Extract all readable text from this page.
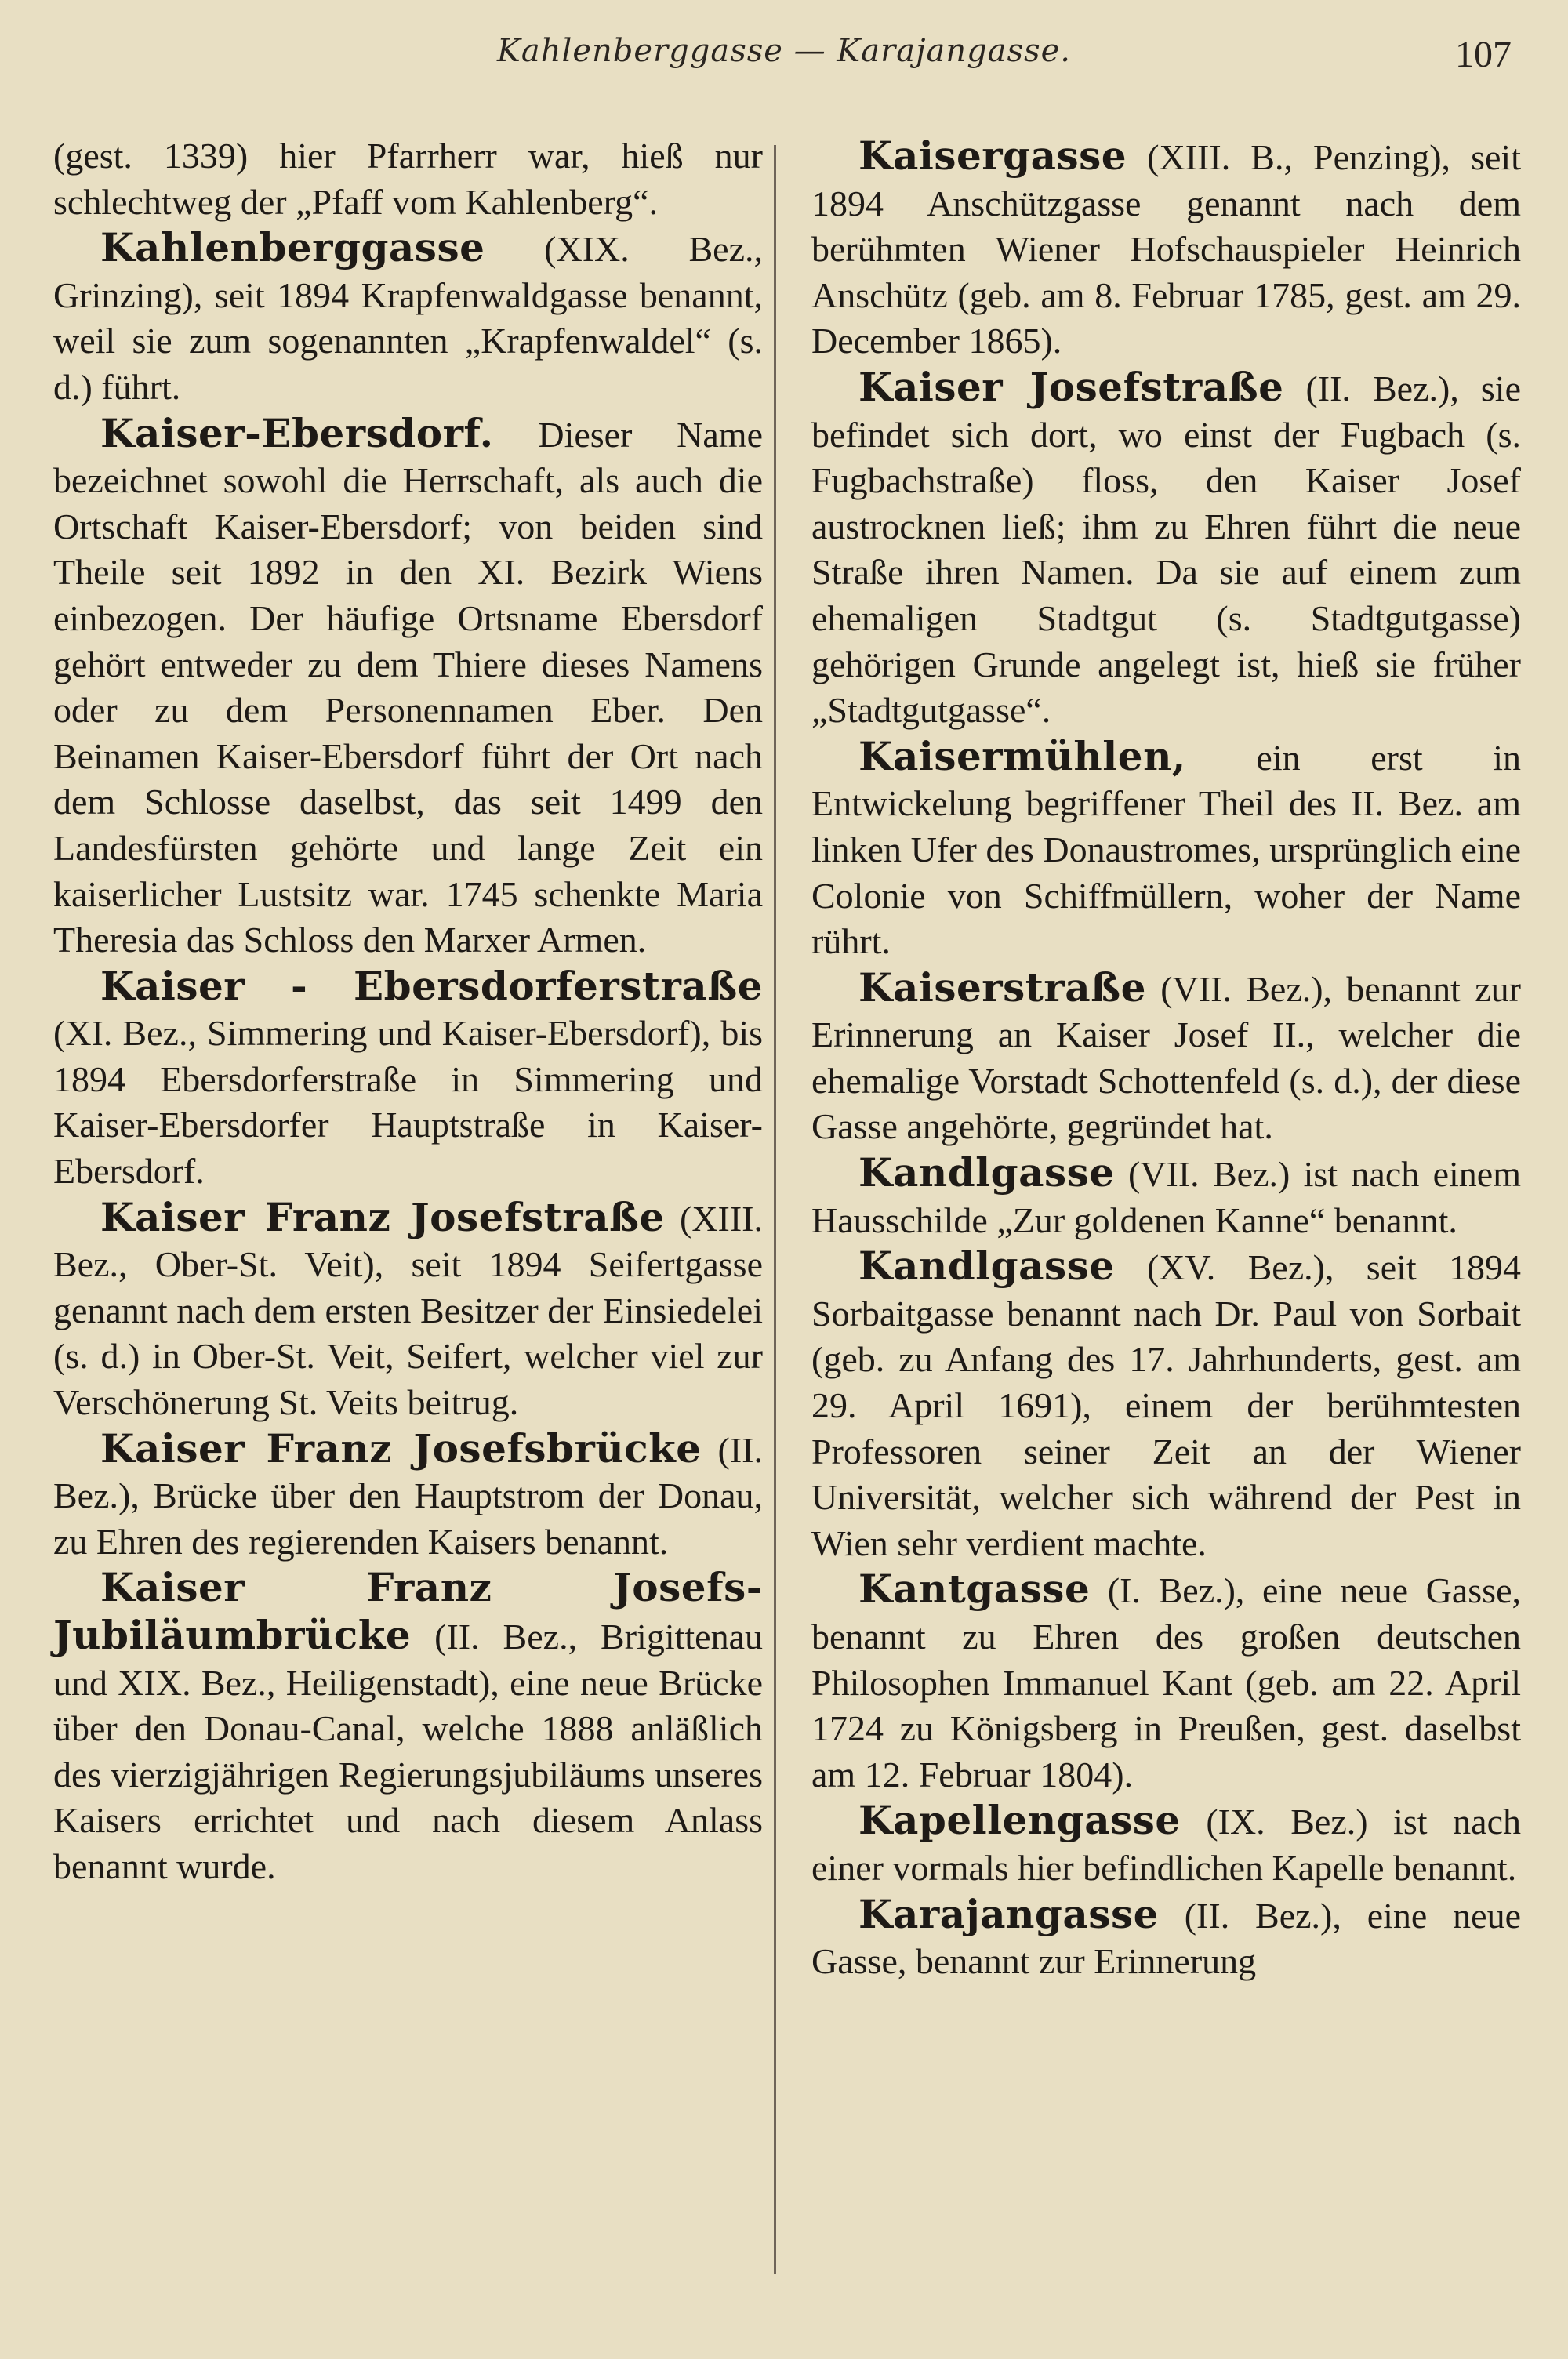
Kahlenberggasse — Karajangasse.	107

(gest. 1339) hier Pfarrherr war, hieß nur schlechtweg der „Pfaff vom Kahlenberg“.

Kahlenberggasse (XIX. Bez., Grinzing), seit 1894 Krapfenwaldgasse benannt, weil sie zum sogenannten „Krapfenwaldel“ (s. d.) führt.

Kaiser-Ebersdorf. Dieser Name bezeichnet sowohl die Herrschaft, als auch die Ortschaft Kaiser-Ebersdorf; von beiden sind Theile seit 1892 in den XI. Bezirk Wiens einbezogen. Der häufige Ortsname Ebersdorf gehört entweder zu dem Thiere dieses Namens oder zu dem Personennamen Eber. Den Beinamen Kaiser-Ebersdorf führt der Ort nach dem Schlosse daselbst, das seit 1499 den Landesfürsten gehörte und lange Zeit ein kaiserlicher Lustsitz war. 1745 schenkte Maria Theresia das Schloss den Marxer Armen.

Kaiser - Ebersdorferstraße (XI. Bez., Simmering und Kaiser-Ebersdorf), bis 1894 Ebersdorferstraße in Simmering und Kaiser-Ebersdorfer Hauptstraße in Kaiser-Ebersdorf.

Kaiser Franz Josefstraße (XIII. Bez., Ober-St. Veit), seit 1894 Seifertgasse genannt nach dem ersten Besitzer der Einsiedelei (s. d.) in Ober-St. Veit, Seifert, welcher viel zur Verschönerung St. Veits beitrug.

Kaiser Franz Josefsbrücke (II. Bez.), Brücke über den Hauptstrom der Donau, zu Ehren des regierenden Kaisers benannt.

Kaiser Franz Josefs-Jubiläumbrücke (II. Bez., Brigittenau und XIX. Bez., Heiligenstadt), eine neue Brücke über den Donau-Canal, welche 1888 anläßlich des vierzigjährigen Regierungsjubiläums unseres Kaisers errichtet und nach diesem Anlass benannt wurde.

Kaisergasse (XIII. B., Penzing), seit 1894 Anschützgasse genannt nach dem berühmten Wiener Hofschauspieler Heinrich Anschütz (geb. am 8. Februar 1785, gest. am 29. December 1865).

Kaiser Josefstraße (II. Bez.), sie befindet sich dort, wo einst der Fugbach (s. Fugbachstraße) floss, den Kaiser Josef austrocknen ließ; ihm zu Ehren führt die neue Straße ihren Namen. Da sie auf einem zum ehemaligen Stadtgut (s. Stadtgutgasse) gehörigen Grunde angelegt ist, hieß sie früher „Stadtgutgasse“.

Kaisermühlen, ein erst in Entwickelung begriffener Theil des II. Bez. am linken Ufer des Donaustromes, ursprünglich eine Colonie von Schiffmüllern, woher der Name rührt.

Kaiserstraße (VII. Bez.), benannt zur Erinnerung an Kaiser Josef II., welcher die ehemalige Vorstadt Schottenfeld (s. d.), der diese Gasse angehörte, gegründet hat.

Kandlgasse (VII. Bez.) ist nach einem Hausschilde „Zur goldenen Kanne“ benannt.

Kandlgasse (XV. Bez.), seit 1894 Sorbaitgasse benannt nach Dr. Paul von Sorbait (geb. zu Anfang des 17. Jahrhunderts, gest. am 29. April 1691), einem der berühmtesten Professoren seiner Zeit an der Wiener Universität, welcher sich während der Pest in Wien sehr verdient machte.

Kantgasse (I. Bez.), eine neue Gasse, benannt zu Ehren des großen deutschen Philosophen Immanuel Kant (geb. am 22. April 1724 zu Königsberg in Preußen, gest. daselbst am 12. Februar 1804).

Kapellengasse (IX. Bez.) ist nach einer vormals hier befindlichen Kapelle benannt.

Karajangasse (II. Bez.), eine neue Gasse, benannt zur Erinnerung
